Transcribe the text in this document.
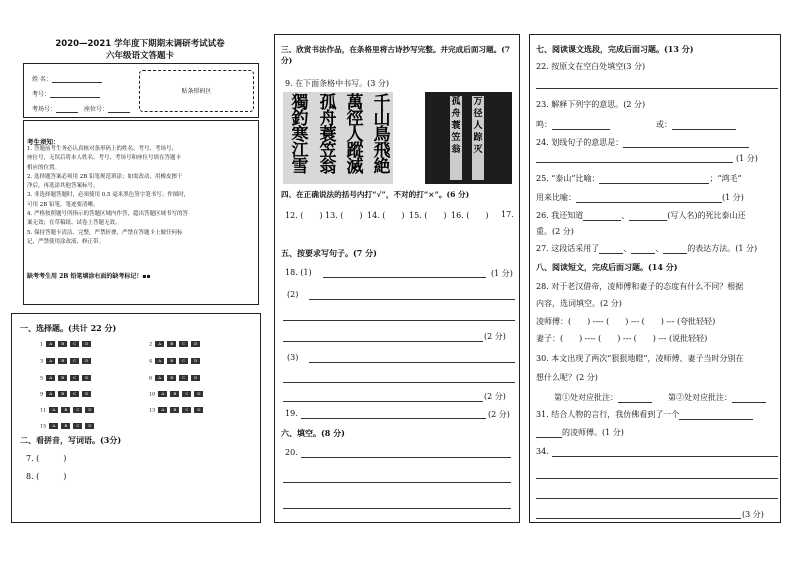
2020—2021 学年度下期期末调研考试试卷
六年级语文答题卡
姓 名：
考号：
考场号：	座位号：
贴条形码区
考生须知：
1. 答题前考生务必认真核对条形码上的姓名、考号、考场号、
座位号，无误后将本人姓名、考号、考场号和座位号填在答题卡
相应的位置。
2. 选择题答案必须用 2B 铅笔规范填涂；如需改动，用橡皮擦干
净后，再选涂其他答案标号。
3. 非选择题答题时，必须使用 0.5 毫米黑色签字笔书写；作图时，
可用 2B 铅笔，笔迹要清晰。
4. 严格按照题号所指示的答题区域内作答，超出答题区域书写的答
案无效；在草稿纸、试卷上答题无效。
5. 保持答题卡清洁、完整，严禁折叠，严禁在答题卡上做任何标
记，严禁使用涂改液、修正带。
缺考考生用 2B 铅笔填涂右面的缺考标记！▪▪
一、选择题。(共计 22 分)
1 A B C D	2 A B C D
3 A B C D	4 A B C D
5 A B C D	6 A B C D
9 A B C D	10 A B C D
11 A B C D	13 A B C D
15 A B C D
二、看拼音，写词语。(3分)
7. (　　　)
8. (　　　)
三、欣赏书法作品，在条格里将古诗抄写完整。并完成后面习题。(7分)
9. 在下面条格中书写。(3 分)
千山鳥飛絶
萬徑人蹤滅
孤舟蓑笠翁
獨釣寒江雪
万径人踪灭
孤舟蓑笠翁
四、在正确说法的括号内打“√”，不对的打“×”。(6 分)
12. (　　) 13. (　　) 14. (　　) 15. (　　) 16. (　　) 17.
五、按要求写句子。(7 分)
18. (1)	(1 分)
(2)
(2 分)
(3)
(2 分)
19.	(2 分)
六、填空。(8 分)
20.
七、阅读课文选段，完成后面习题。(13 分)
22. 按原文在空白处填空(3 分)
23. 解释下列字的意思。(2 分)
鸣：	或：
24. 划线句子的意思是：
(1 分)
25. “泰山”比喻：	；“鸿毛”
用来比喻：	(1 分)
26. 我还知道	、	(写人名)的死比泰山还
重。(2 分)
27. 这段话采用了	、	、	的表达方法。(1 分)
八、阅读短文，完成后面习题。(14 分)
28. 对于老汉借帝，凌师傅和妻子的态度有什么不同？根据
内容，选词填空。(2 分)
凌师傅：(　　) ---- (　　) --- (　　) --- (夸批轻轻)
妻子：(　　) ---- (　　) --- (　　) --- (说批轻轻)
30. 本文出现了两次“狠狠地瞪”，凌师傅、妻子当时分别在
想什么呢？(2 分)
第①处对应批注：	第②处对应批注：
31. 结合人物的言行，我仿佛看到了一个
的凌师傅。(1 分)
34.
(3 分)
